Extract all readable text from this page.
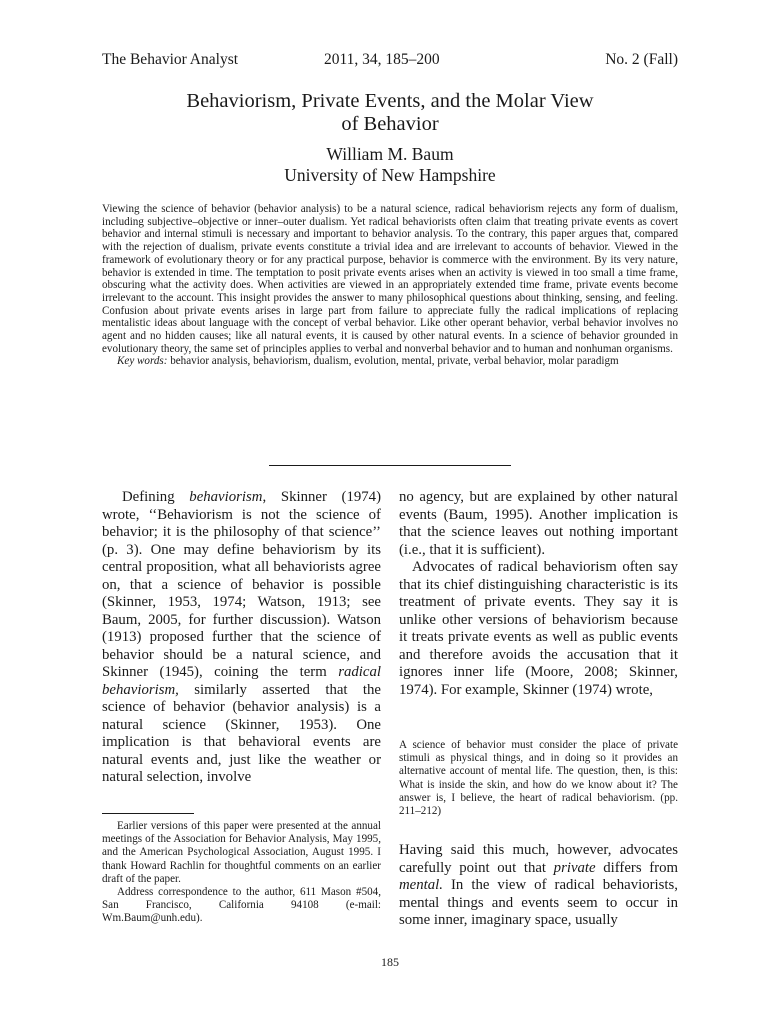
The Behavior Analyst	2011, 34, 185–200	No. 2 (Fall)
Behaviorism, Private Events, and the Molar View
of Behavior
William M. Baum
University of New Hampshire

Viewing the science of behavior (behavior analysis) to be a natural science, radical behaviorism rejects any form of dualism, including subjective–objective or inner–outer dualism. Yet radical behaviorists often claim that treating private events as covert behavior and internal stimuli is necessary and important to behavior analysis. To the contrary, this paper argues that, compared with the rejection of dualism, private events constitute a trivial idea and are irrelevant to accounts of behavior. Viewed in the framework of evolutionary theory or for any practical purpose, behavior is commerce with the environment. By its very nature, behavior is extended in time. The temptation to posit private events arises when an activity is viewed in too small a time frame, obscuring what the activity does. When activities are viewed in an appropriately extended time frame, private events become irrelevant to the account. This insight provides the answer to many philosophical questions about thinking, sensing, and feeling. Confusion about private events arises in large part from failure to appreciate fully the radical implications of replacing mentalistic ideas about language with the concept of verbal behavior. Like other operant behavior, verbal behavior involves no agent and no hidden causes; like all natural events, it is caused by other natural events. In a science of behavior grounded in evolutionary theory, the same set of principles applies to verbal and nonverbal behavior and to human and nonhuman organisms.

Key words: behavior analysis, behaviorism, dualism, evolution, mental, private, verbal behavior, molar paradigm

Defining behaviorism, Skinner (1974) wrote, ‘‘Behaviorism is not the science of behavior; it is the philosophy of that science’’ (p. 3). One may define behaviorism by its central proposition, what all behaviorists agree on, that a science of behavior is possible (Skinner, 1953, 1974; Watson, 1913; see Baum, 2005, for further discussion). Watson (1913) proposed further that the science of behavior should be a natural science, and Skinner (1945), coining the term radical behaviorism, similarly asserted that the science of behavior (behavior analysis) is a natural science (Skinner, 1953). One implication is that behavioral events are natural events and, just like the weather or natural selection, involve

no agency, but are explained by other natural events (Baum, 1995). Another implication is that the science leaves out nothing important (i.e., that it is sufficient).

Advocates of radical behaviorism often say that its chief distinguishing characteristic is its treatment of private events. They say it is unlike other versions of behaviorism because it treats private events as well as public events and therefore avoids the accusation that it ignores inner life (Moore, 2008; Skinner, 1974). For example, Skinner (1974) wrote,

A science of behavior must consider the place of private stimuli as physical things, and in doing so it provides an alternative account of mental life. The question, then, is this: What is inside the skin, and how do we know about it? The answer is, I believe, the heart of radical behaviorism. (pp. 211–212)

Having said this much, however, advocates carefully point out that private differs from mental. In the view of radical behaviorists, mental things and events seem to occur in some inner, imaginary space, usually

Earlier versions of this paper were presented at the annual meetings of the Association for Behavior Analysis, May 1995, and the American Psychological Association, August 1995. I thank Howard Rachlin for thoughtful comments on an earlier draft of the paper.

Address correspondence to the author, 611 Mason #504, San Francisco, California 94108 (e-mail: Wm.Baum@unh.edu).

185
